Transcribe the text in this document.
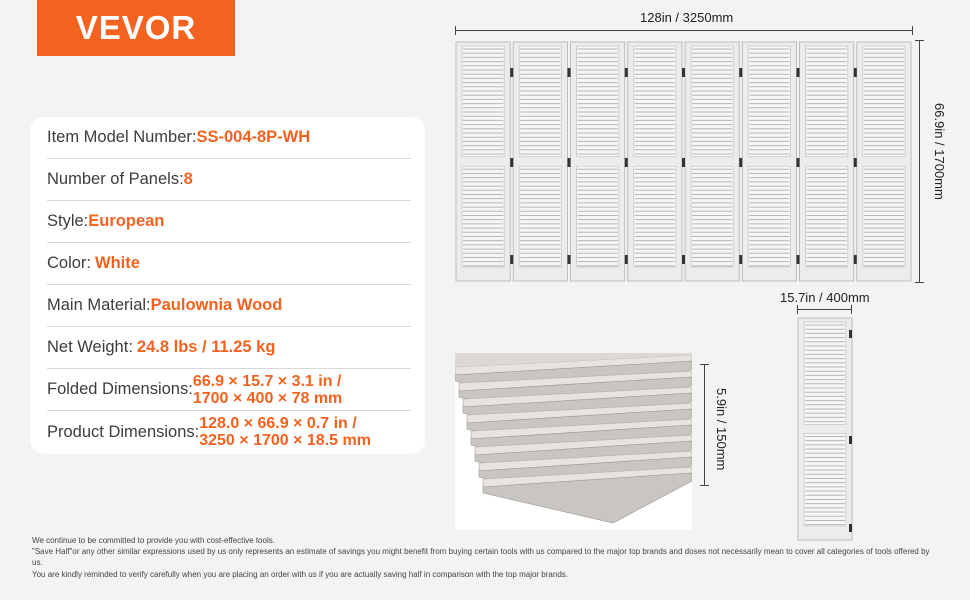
VEVOR
Item Model Number: SS-004-8P-WH
Number of Panels: 8
Style: European
Color: White
Main Material: Paulownia Wood
Net Weight: 24.8 lbs / 11.25 kg
Folded Dimensions: 66.9 × 15.7 × 3.1 in /
1700 × 400 × 78 mm
Product Dimensions: 128.0 × 66.9 × 0.7 in /
3250 × 1700 × 18.5 mm
128in / 3250mm
66.9in / 1700mm
15.7in / 400mm
5.9in / 150mm
We continue to be committed to provide you with cost-effective tools.
"Save Half"or any other similar expressions used by us only represents an estimate of savings you might benefit from buying certain tools with us compared to the major top brands and doses not necessarily mean to cover all categories of tools offered by us.
You are kindly reminded to verify carefully when you are placing an order with us if you are actually saving half in comparison with the top major brands.
